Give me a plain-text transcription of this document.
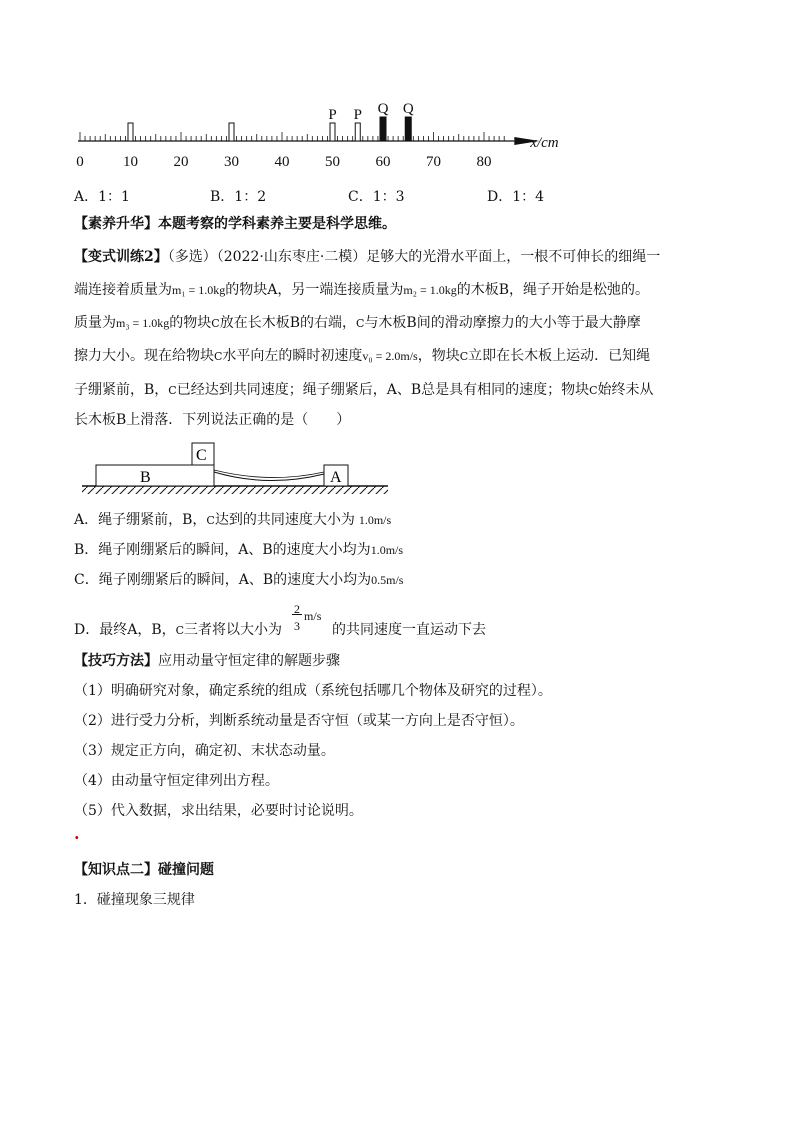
0	10 20 30 40 50 60 70 80
x/cm
P P Q Q
A．1：1	B．1：2	C．1：3	D．1：4
【素养升华】本题考察的学科素养主要是科学思维。
【变式训练2】（多选）（2022·山东枣庄·二模）足够大的光滑水平面上，一根不可伸长的细绳一
端连接着质量为m₁ = 1.0kg的物块A，另一端连接质量为m₂ = 1.0kg的木板B，绳子开始是松弛的。
质量为m₃ = 1.0kg的物块C放在长木板B的右端，C与木板B间的滑动摩擦力的大小等于最大静摩
擦力大小。现在给物块C水平向左的瞬时初速度v₀ = 2.0m/s，物块C立即在长木板上运动．已知绳
子绷紧前，B，C已经达到共同速度；绳子绷紧后，A、B总是具有相同的速度；物块C始终未从
长木板B上滑落．下列说法正确的是（　　）
B
C
A
A．绳子绷紧前，B，C达到的共同速度大小为 1.0m/s
B．绳子刚绷紧后的瞬间，A、B的速度大小均为1.0m/s
C．绳子刚绷紧后的瞬间，A、B的速度大小均为0.5m/s
D．最终A，B，C三者将以大小为
2
3
m/s
的共同速度一直运动下去
【技巧方法】应用动量守恒定律的解题步骤
（1）明确研究对象，确定系统的组成（系统包括哪几个物体及研究的过程）。
（2）进行受力分析，判断系统动量是否守恒（或某一方向上是否守恒）。
（3）规定正方向，确定初、末状态动量。
（4）由动量守恒定律列出方程。
（5）代入数据，求出结果，必要时讨论说明。
·
【知识点二】碰撞问题
1．碰撞现象三规律
